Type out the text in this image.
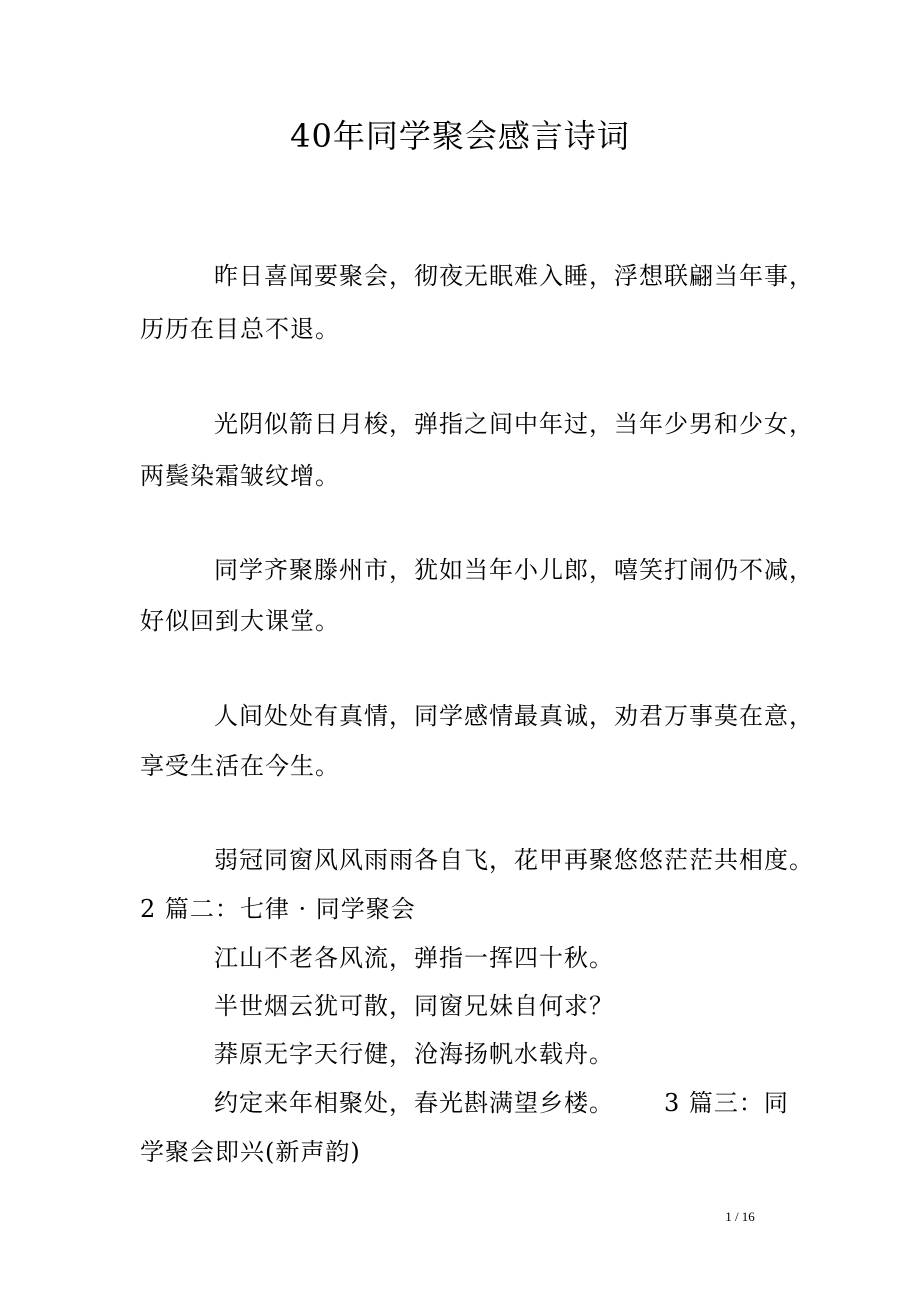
40年同学聚会感言诗词

昨日喜闻要聚会，彻夜无眠难入睡，浮想联翩当年事，

历历在目总不退。

光阴似箭日月梭，弹指之间中年过，当年少男和少女，

两鬓染霜皱纹增。

同学齐聚滕州市，犹如当年小儿郎，嘻笑打闹仍不减，

好似回到大课堂。

人间处处有真情，同学感情最真诚，劝君万事莫在意，

享受生活在今生。

弱冠同窗风风雨雨各自飞，花甲再聚悠悠茫茫共相度。

2 篇二：七律 · 同学聚会

江山不老各风流，弹指一挥四十秋。

半世烟云犹可散，同窗兄妹自何求？

莽原无字天行健，沧海扬帆水载舟。

约定来年相聚处，春光斟满望乡楼。 3 篇三：同

学聚会即兴(新声韵)

1 / 16
